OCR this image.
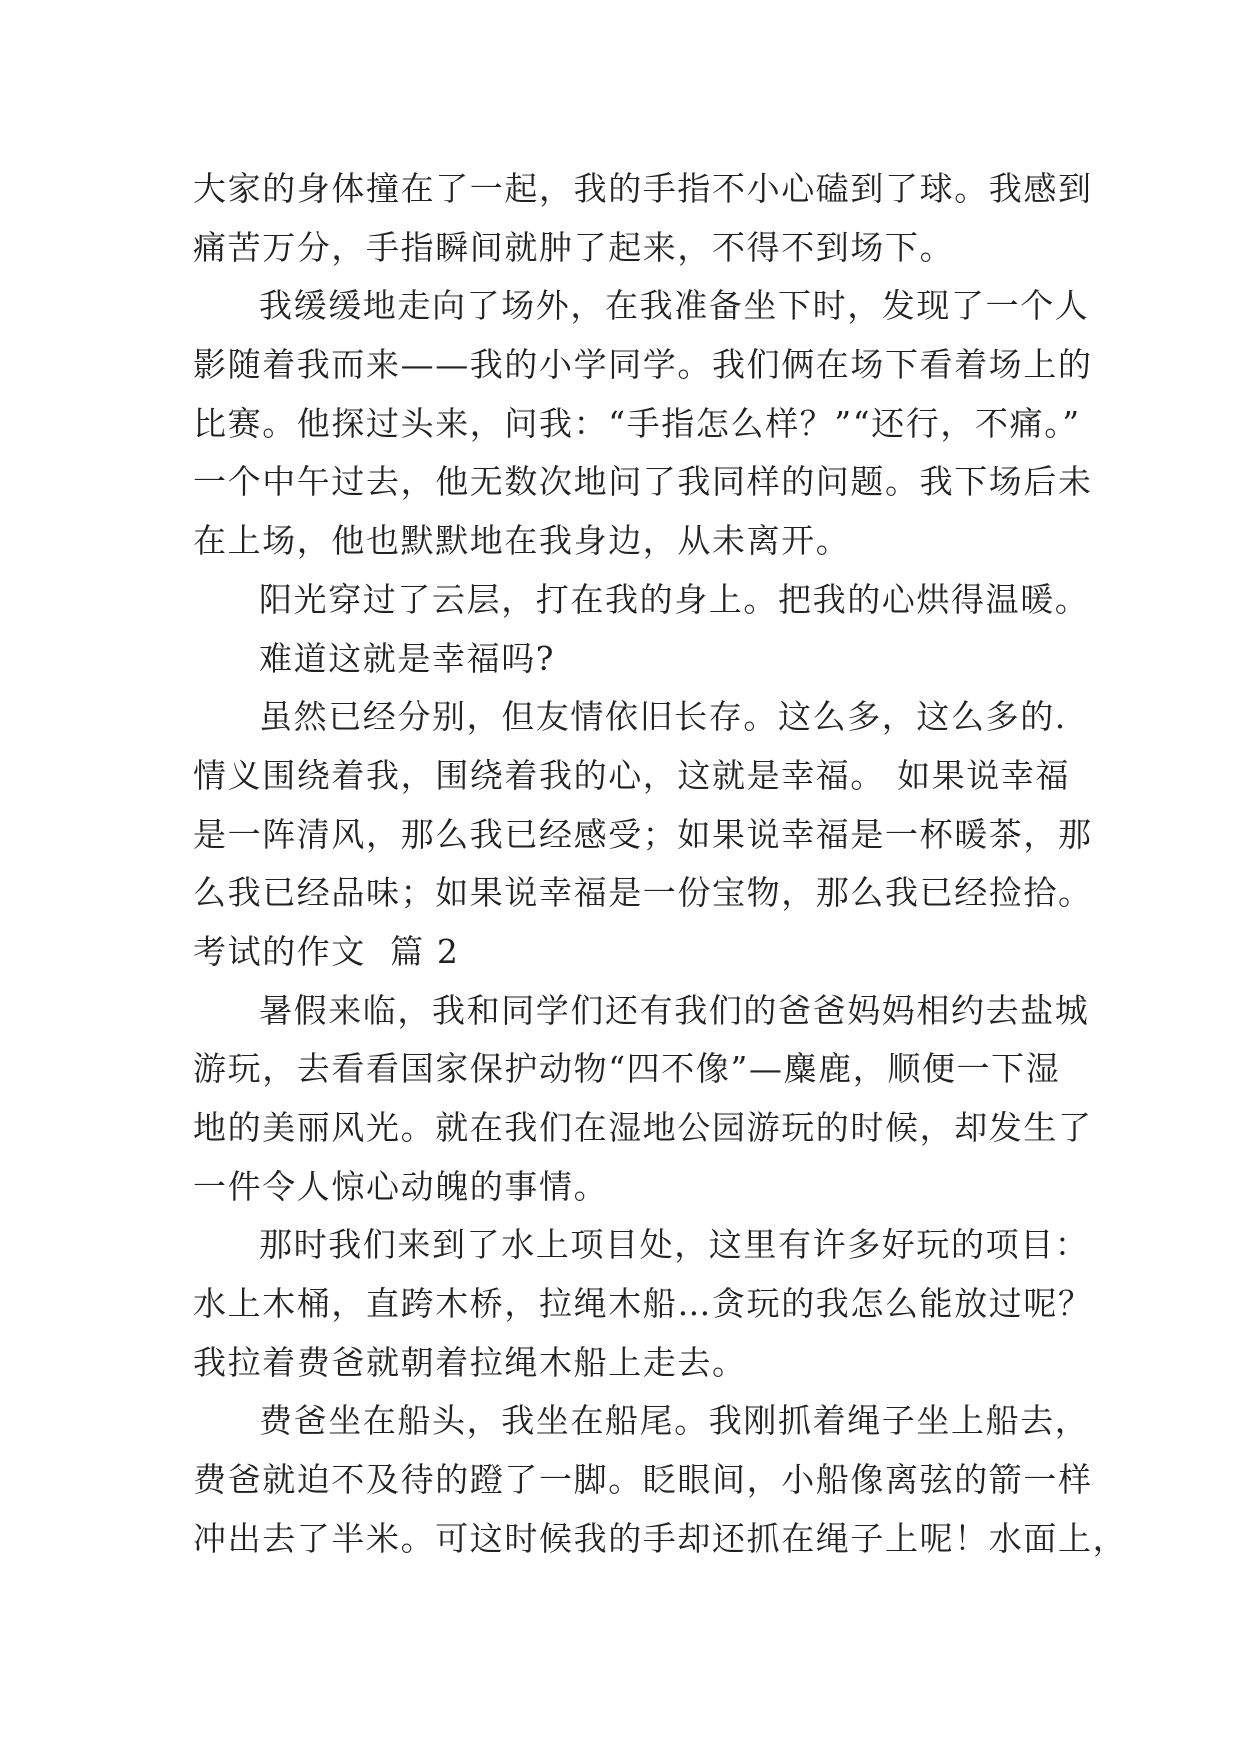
大家的身体撞在了一起，我的手指不小心磕到了球。我感到
痛苦万分，手指瞬间就肿了起来，不得不到场下。
我缓缓地走向了场外，在我准备坐下时，发现了一个人
影随着我而来——我的小学同学。我们俩在场下看着场上的
比赛。他探过头来，问我：“手指怎么样？”“还行，不痛。”
一个中午过去，他无数次地问了我同样的问题。我下场后未
在上场，他也默默地在我身边，从未离开。
阳光穿过了云层，打在我的身上。把我的心烘得温暖。
难道这就是幸福吗?
虽然已经分别，但友情依旧长存。这么多，这么多的.
情义围绕着我，围绕着我的心，这就是幸福。 如果说幸福
是一阵清风，那么我已经感受；如果说幸福是一杯暖茶，那
么我已经品味；如果说幸福是一份宝物，那么我已经捡拾。
考试的作文  篇 2
暑假来临，我和同学们还有我们的爸爸妈妈相约去盐城
游玩，去看看国家保护动物“四不像”—麋鹿，顺便一下湿
地的美丽风光。就在我们在湿地公园游玩的时候，却发生了
一件令人惊心动魄的事情。
那时我们来到了水上项目处，这里有许多好玩的项目：
水上木桶，直跨木桥，拉绳木船…贪玩的我怎么能放过呢？
我拉着费爸就朝着拉绳木船上走去。
费爸坐在船头，我坐在船尾。我刚抓着绳子坐上船去，
费爸就迫不及待的蹬了一脚。眨眼间，小船像离弦的箭一样
冲出去了半米。可这时候我的手却还抓在绳子上呢！水面上，
